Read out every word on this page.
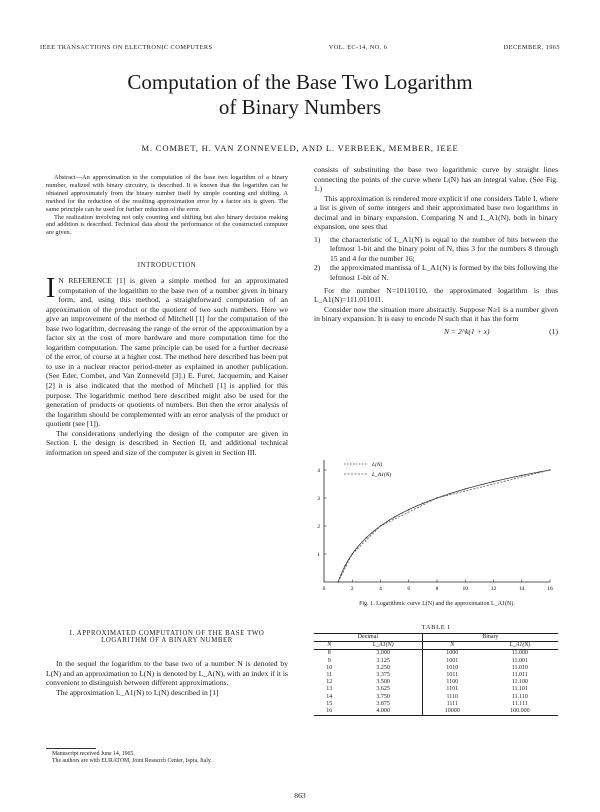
IEEE TRANSACTIONS ON ELECTRONIC COMPUTERS	VOL. EC-14, NO. 6	DECEMBER, 1965
Computation of the Base Two Logarithm
of Binary Numbers
M. COMBET, H. VAN ZONNEVELD, AND L. VERBEEK, MEMBER, IEEE

Abstract—An approximation to the computation of the base two logarithm of a binary number, realized with binary circuitry, is described. It is known that the logarithm can be obtained approximately from the binary number itself by simple counting and shifting. A method for the reduction of the resulting approximation error by a factor six is given. The same principle can be used for further reduction of the error.

The realization involving not only counting and shifting but also binary decision making and addition is described. Technical data about the performance of the constructed computer are given.

INTRODUCTION

I N REFERENCE [1] is given a simple method for an approximated computation of the logarithm to the base two of a number given in binary form, and, using this method, a straightforward computation of an approximation of the product or the quotient of two such numbers. Here we give an improvement of the method of Mitchell [1] for the computation of the base two logarithm, decreasing the range of the error of the approximation by a factor six at the cost of more hardware and more computation time for the logarithm computation. The same principle can be used for a further decrease of the error, of course at a higher cost. The method here described has been put to use in a nuclear reactor period-meter as explained in another publication. (See Eder, Combet, and Van Zonneveld [3].) E. Furet, Jacquemin, and Kaiser [2] it is also indicated that the method of Mitchell [1] is applied for this purpose. The logarithmic method here described might also be used for the generation of products or quotients of numbers. But then the error analysis of the logarithm should be complemented with an error analysis of the product or quotient (see [1]).

The considerations underlying the design of the computer are given in Section I, the design is described in Section II, and additional technical information on speed and size of the computer is given in Section III.

I. APPROXIMATED COMPUTATION OF THE BASE TWO
LOGARITHM OF A BINARY NUMBER

In the sequel the logarithm to the base two of a number N is denoted by L(N) and an approximation to L(N) is denoted by L_A(N), with an index if it is convenient to distinguish between different approximations.

The approximation L_A1(N) to L(N) described in [1]

Manuscript received June 14, 1965.
The authors are with EURATOM, Joint Research Center, Ispra, Italy.

consists of substituting the base two logarithmic curve by straight lines connecting the points of the curve where L(N) has an integral value. (See Fig. 1.)

This approximation is rendered more explicit if one considers Table I, where a list is given of some integers and their approximated base two logarithms in decimal and in binary expansion. Comparing N and L_A1(N), both in binary expansion, one sees that

1)	the characteristic of L_A1(N) is equal to the number of bits between the leftmost 1-bit and the binary point of N, thus 3 for the numbers 8 through 15 and 4 for the number 16;
2)	the approximated mantissa of L_A1(N) is formed by the bits following the leftmost 1-bit of N.

For the number N=10110110, the approximated logarithm is thus L_A1(N)=111.011011.

Consider now the situation more abstractly. Suppose N≥1 is a number given in binary expansion. It is easy to encode N such that it has the form

N = 2^k(1 + x)	(1)
0	2	4	6	8	10	12	14	16
1
2
3
4
L(N)
L_A1(N)
Fig. 1. Logarithmic curve L(N) and the approximation L_A1(N).
TABLE I
Decimal		Binary	
N	L_A1(N)	N	L_A1(N)
8	3.000	1000	11.000
9	3.125	1001	11.001
10	3.250	1010	11.010
11	3.375	1011	11.011
12	3.500	1100	11.100
13	3.625	1101	11.101
14	3.750	1110	11.110
15	3.875	1111	11.111
16	4.000	10000	100.000
863
